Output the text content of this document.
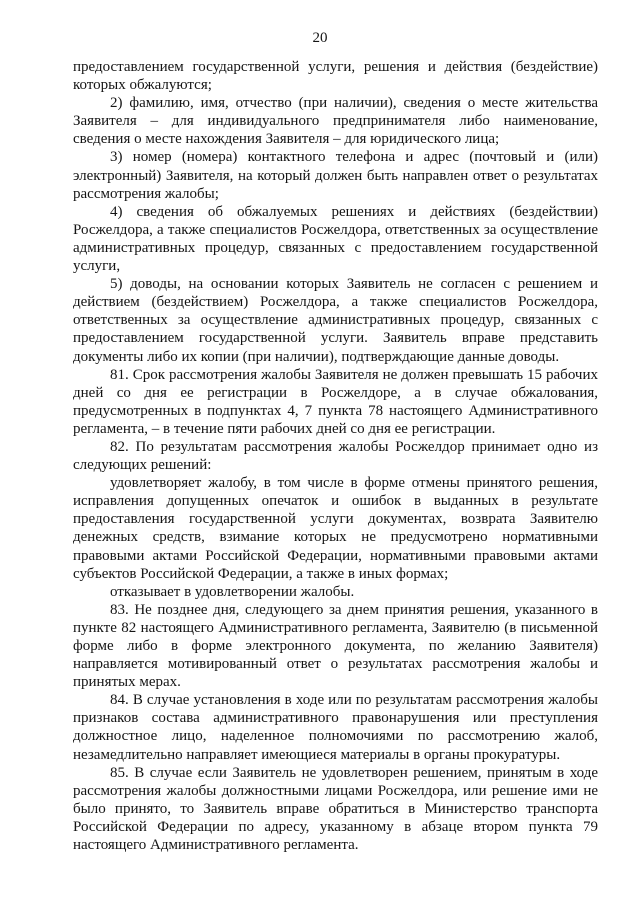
20

предоставлением государственной услуги, решения и действия (бездействие) которых обжалуются;

2) фамилию, имя, отчество (при наличии), сведения о месте жительства Заявителя – для индивидуального предпринимателя либо наименование, сведения о месте нахождения Заявителя – для юридического лица;

3) номер (номера) контактного телефона и адрес (почтовый и (или) электронный) Заявителя, на который должен быть направлен ответ о результатах рассмотрения жалобы;

4) сведения об обжалуемых решениях и действиях (бездействии) Росжелдора, а также специалистов Росжелдора, ответственных за осуществление административных процедур, связанных с предоставлением государственной услуги,

5) доводы, на основании которых Заявитель не согласен с решением и действием (бездействием) Росжелдора, а также специалистов Росжелдора, ответственных за осуществление административных процедур, связанных с предоставлением государственной услуги. Заявитель вправе представить документы либо их копии (при наличии), подтверждающие данные доводы.

81. Срок рассмотрения жалобы Заявителя не должен превышать 15 рабочих дней со дня ее регистрации в Росжелдоре, а в случае обжалования, предусмотренных в подпунктах 4, 7 пункта 78 настоящего Административного регламента, – в течение пяти рабочих дней со дня ее регистрации.

82. По результатам рассмотрения жалобы Росжелдор принимает одно из следующих решений:

удовлетворяет жалобу, в том числе в форме отмены принятого решения, исправления допущенных опечаток и ошибок в выданных в результате предоставления государственной услуги документах, возврата Заявителю денежных средств, взимание которых не предусмотрено нормативными правовыми актами Российской Федерации, нормативными правовыми актами субъектов Российской Федерации, а также в иных формах;

отказывает в удовлетворении жалобы.

83. Не позднее дня, следующего за днем принятия решения, указанного в пункте 82 настоящего Административного регламента, Заявителю (в письменной форме либо в форме электронного документа, по желанию Заявителя) направляется мотивированный ответ о результатах рассмотрения жалобы и принятых мерах.

84. В случае установления в ходе или по результатам рассмотрения жалобы признаков состава административного правонарушения или преступления должностное лицо, наделенное полномочиями по рассмотрению жалоб, незамедлительно направляет имеющиеся материалы в органы прокуратуры.

85. В случае если Заявитель не удовлетворен решением, принятым в ходе рассмотрения жалобы должностными лицами Росжелдора, или решение ими не было принято, то Заявитель вправе обратиться в Министерство транспорта Российской Федерации по адресу, указанному в абзаце втором пункта 79 настоящего Административного регламента.
